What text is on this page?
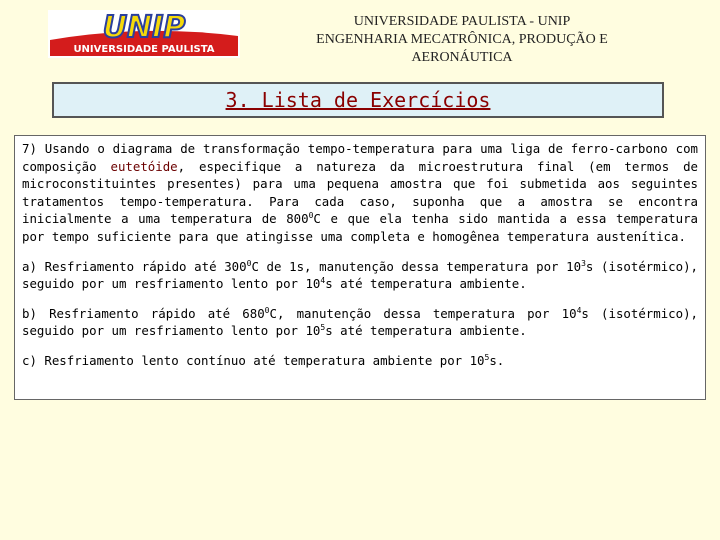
UNIP
UNIVERSIDADE PAULISTA
UNIVERSIDADE PAULISTA - UNIP
ENGENHARIA MECATRÔNICA, PRODUÇÃO E
AERONÁUTICA
3. Lista de Exercícios

7) Usando o diagrama de transformação tempo-temperatura para uma liga de ferro-carbono com composição eutetóide, especifique a natureza da microestrutura final (em termos de microconstituintes presentes) para uma pequena amostra que foi submetida aos seguintes tratamentos tempo-temperatura. Para cada caso, suponha que a amostra se encontra inicialmente a uma temperatura de $800^0C$ e que ela tenha sido mantida a essa temperatura por tempo suficiente para que atingisse uma completa e homogênea temperatura austenítica.

a) Resfriamento rápido até $300^0C$ de 1s, manutenção dessa temperatura por $10^3s$ (isotérmico), seguido por um resfriamento lento por $10^4s$ até temperatura ambiente.

b) Resfriamento rápido até $680^0C$, manutenção dessa temperatura por $10^4s$ (isotérmico), seguido por um resfriamento lento por $10^5s$ até temperatura ambiente.

c) Resfriamento lento contínuo até temperatura ambiente por $10^5s$.
